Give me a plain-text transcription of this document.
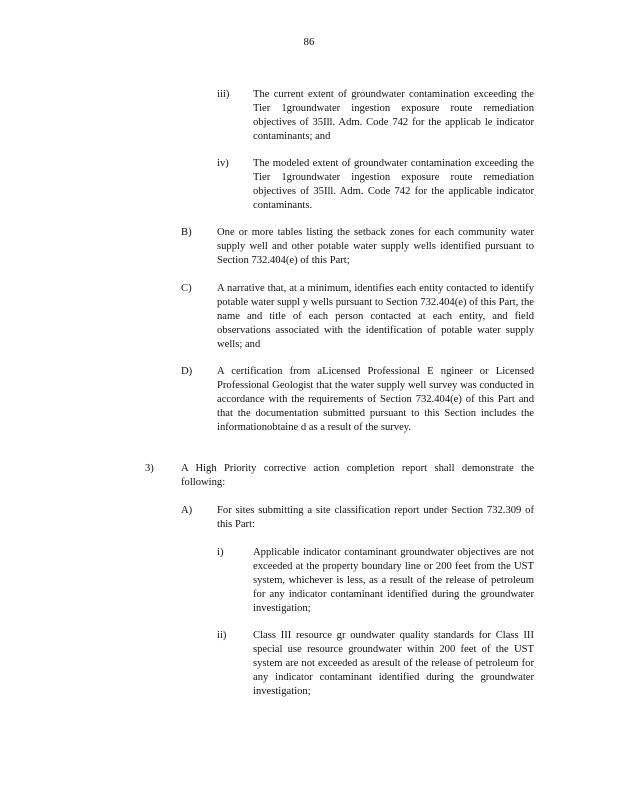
86
iii) The current extent of groundwater contamination exceeding the Tier 1groundwater ingestion exposure route remediation objectives of 35Ill. Adm. Code 742 for the applicab le indicator contaminants; and
iv) The modeled extent of groundwater contamination exceeding the Tier 1groundwater ingestion exposure route remediation objectives of 35Ill. Adm. Code 742 for the applicable indicator contaminants.
B) One or more tables listing the setback zones for each community water supply well and other potable water supply wells identified pursuant to Section 732.404(e) of this Part;
C) A narrative that, at a minimum, identifies each entity contacted to identify potable water suppl y wells pursuant to Section 732.404(e) of this Part, the name and title of each person contacted at each entity, and field observations associated with the identification of potable water supply wells; and
D) A certification from aLicensed Professional E ngineer or Licensed Professional Geologist that the water supply well survey was conducted in accordance with the requirements of Section 732.404(e) of this Part and that the documentation submitted pursuant to this Section includes the informationobtaine d as a result of the survey.
3)	A High Priority corrective action completion report shall demonstrate the following:
A) For sites submitting a site classification report under Section 732.309 of this Part:
i)	Applicable indicator contaminant groundwater objectives are not exceeded at the property boundary line or 200 feet from the UST system, whichever is less, as a result of the release of petroleum for any indicator contaminant identified during the groundwater investigation;
ii)	Class III resource gr oundwater quality standards for Class III special use resource groundwater within 200 feet of the UST system are not exceeded as aresult of the release of petroleum for any indicator contaminant identified during the groundwater investigation;
